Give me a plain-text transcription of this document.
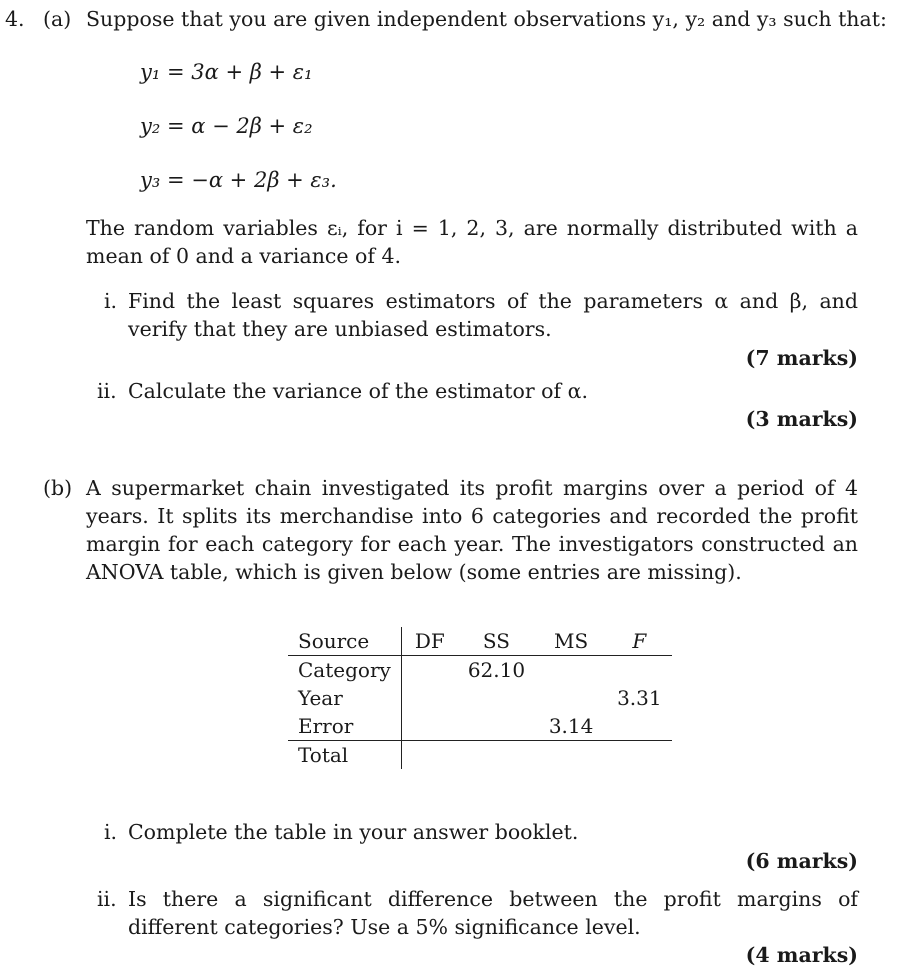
4. (a) Suppose that you are given independent observations y₁, y₂ and y₃ such that:
y₁ = 3α + β + ε₁
y₂ = α − 2β + ε₂
y₃ = −α + 2β + ε₃.
The random variables εᵢ, for i = 1, 2, 3, are normally distributed with a mean of 0 and a variance of 4.
i. Find the least squares estimators of the parameters α and β, and verify that they are unbiased estimators.
(7 marks)
ii. Calculate the variance of the estimator of α.
(3 marks)
(b) A supermarket chain investigated its profit margins over a period of 4 years. It splits its merchandise into 6 categories and recorded the profit margin for each category for each year. The investigators constructed an ANOVA table, which is given below (some entries are missing).
Source	DF	SS	MS	F
Category		62.10		
Year				3.31
Error			3.14	
Total				
i. Complete the table in your answer booklet.
(6 marks)
ii. Is there a significant difference between the profit margins of different categories? Use a 5% significance level.
(4 marks)
